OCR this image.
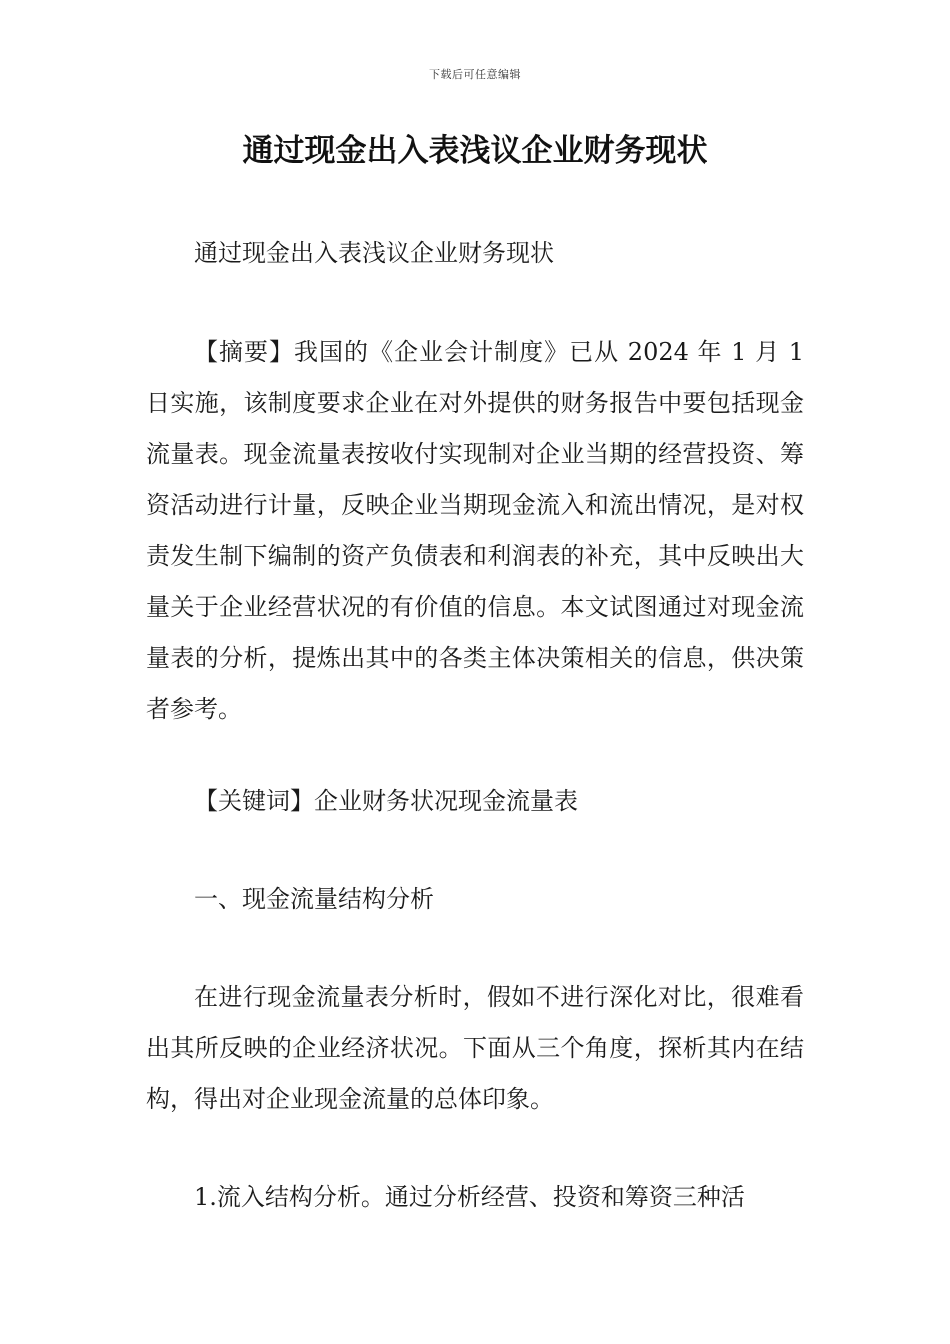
下载后可任意编辑
通过现金出入表浅议企业财务现状

通过现金出入表浅议企业财务现状

【摘要】我国的《企业会计制度》已从 2024 年 1 月 1 日实施，该制度要求企业在对外提供的财务报告中要包括现金流量表。现金流量表按收付实现制对企业当期的经营投资、筹资活动进行计量，反映企业当期现金流入和流出情况，是对权责发生制下编制的资产负债表和利润表的补充，其中反映出大量关于企业经营状况的有价值的信息。本文试图通过对现金流量表的分析，提炼出其中的各类主体决策相关的信息，供决策者参考。

【关键词】企业财务状况现金流量表

一、现金流量结构分析

在进行现金流量表分析时，假如不进行深化对比，很难看出其所反映的企业经济状况。下面从三个角度，探析其内在结构，得出对企业现金流量的总体印象。

1.流入结构分析。通过分析经营、投资和筹资三种活
